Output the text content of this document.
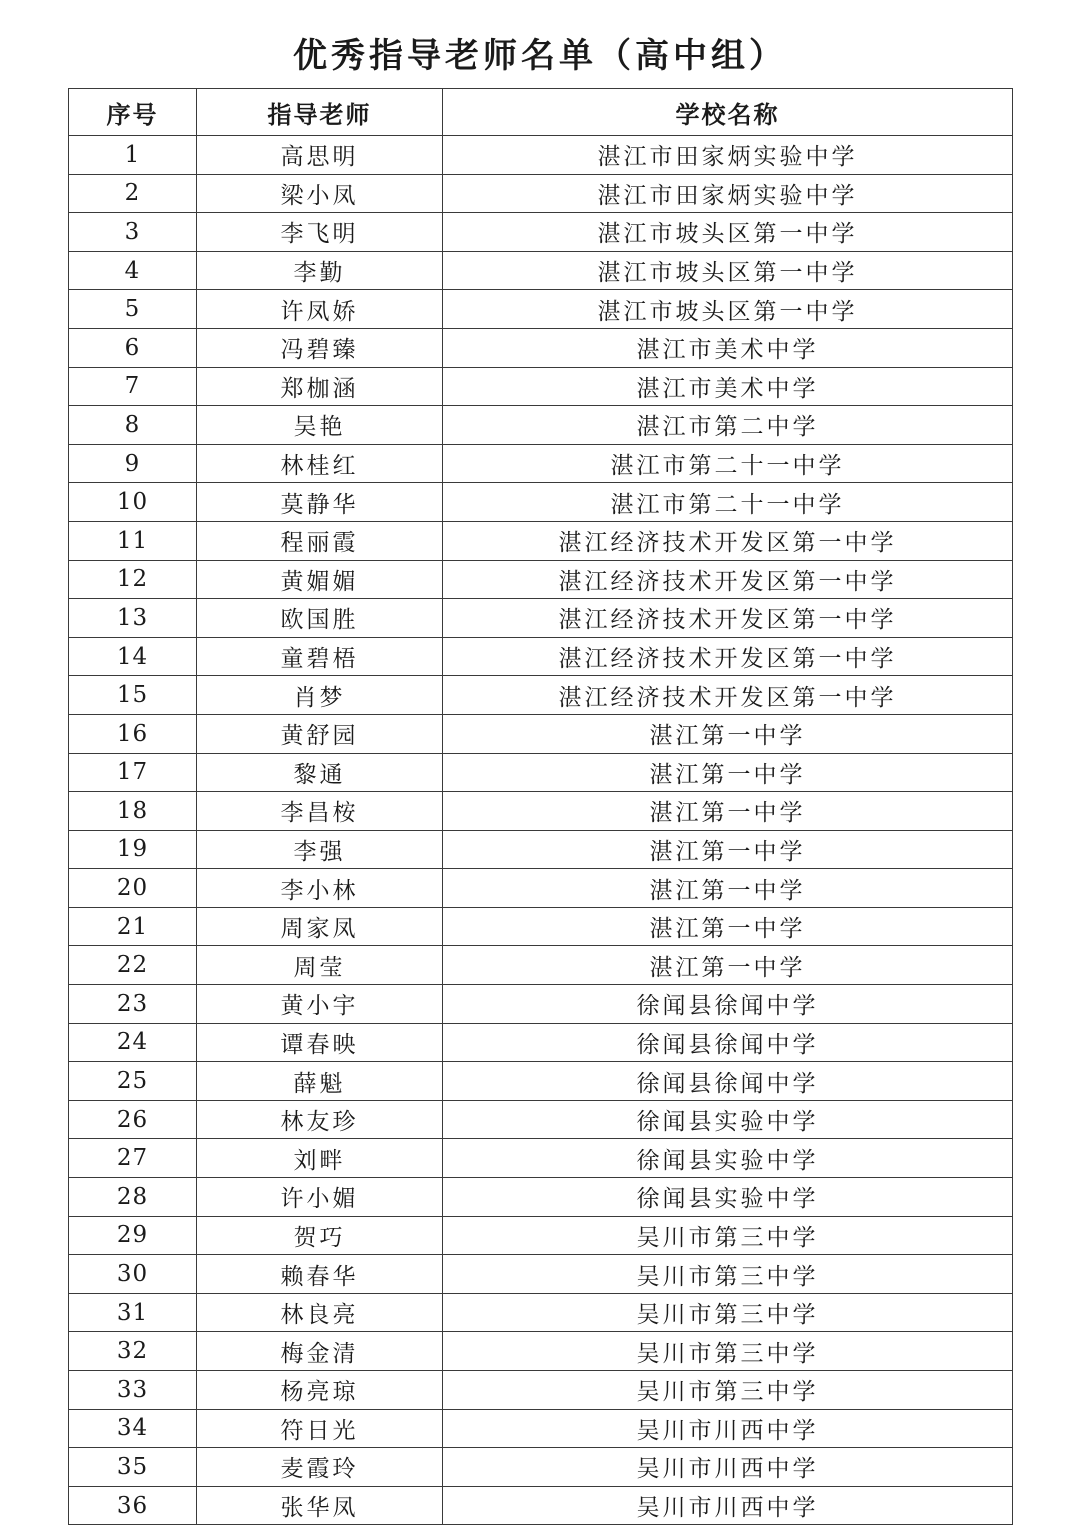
优秀指导老师名单（高中组）
序号	指导老师	学校名称
1	高思明	湛江市田家炳实验中学
2	梁小凤	湛江市田家炳实验中学
3	李飞明	湛江市坡头区第一中学
4	李勤	湛江市坡头区第一中学
5	许凤娇	湛江市坡头区第一中学
6	冯碧臻	湛江市美术中学
7	郑枷涵	湛江市美术中学
8	吴艳	湛江市第二中学
9	林桂红	湛江市第二十一中学
10	莫静华	湛江市第二十一中学
11	程丽霞	湛江经济技术开发区第一中学
12	黄媚媚	湛江经济技术开发区第一中学
13	欧国胜	湛江经济技术开发区第一中学
14	童碧梧	湛江经济技术开发区第一中学
15	肖梦	湛江经济技术开发区第一中学
16	黄舒园	湛江第一中学
17	黎通	湛江第一中学
18	李昌桉	湛江第一中学
19	李强	湛江第一中学
20	李小林	湛江第一中学
21	周家凤	湛江第一中学
22	周莹	湛江第一中学
23	黄小宇	徐闻县徐闻中学
24	谭春映	徐闻县徐闻中学
25	薛魁	徐闻县徐闻中学
26	林友珍	徐闻县实验中学
27	刘畔	徐闻县实验中学
28	许小媚	徐闻县实验中学
29	贺巧	吴川市第三中学
30	赖春华	吴川市第三中学
31	林良亮	吴川市第三中学
32	梅金清	吴川市第三中学
33	杨亮琼	吴川市第三中学
34	符日光	吴川市川西中学
35	麦霞玲	吴川市川西中学
36	张华凤	吴川市川西中学
